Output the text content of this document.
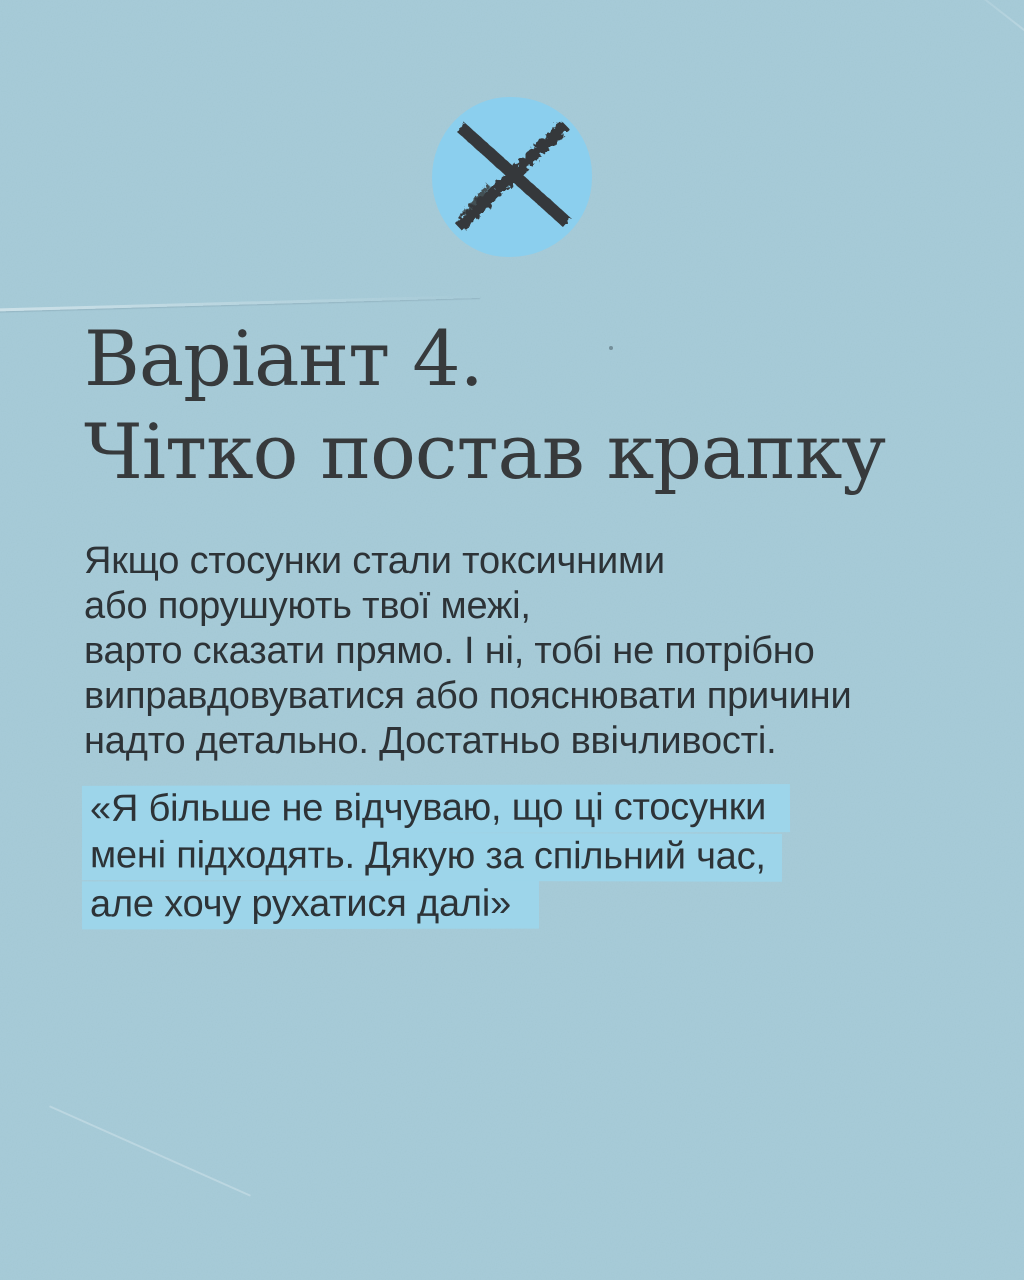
Варіант 4.
Чітко постав крапку
Якщо стосунки стали токсичними
або порушують твої межі,
варто сказати прямо. І ні, тобі не потрібно
виправдовуватися або пояснювати причини
надто детально. Достатньо ввічливості.
«Я більше не відчуваю, що ці стосунки
мені підходять. Дякую за спільний час,
але хочу рухатися далі»
